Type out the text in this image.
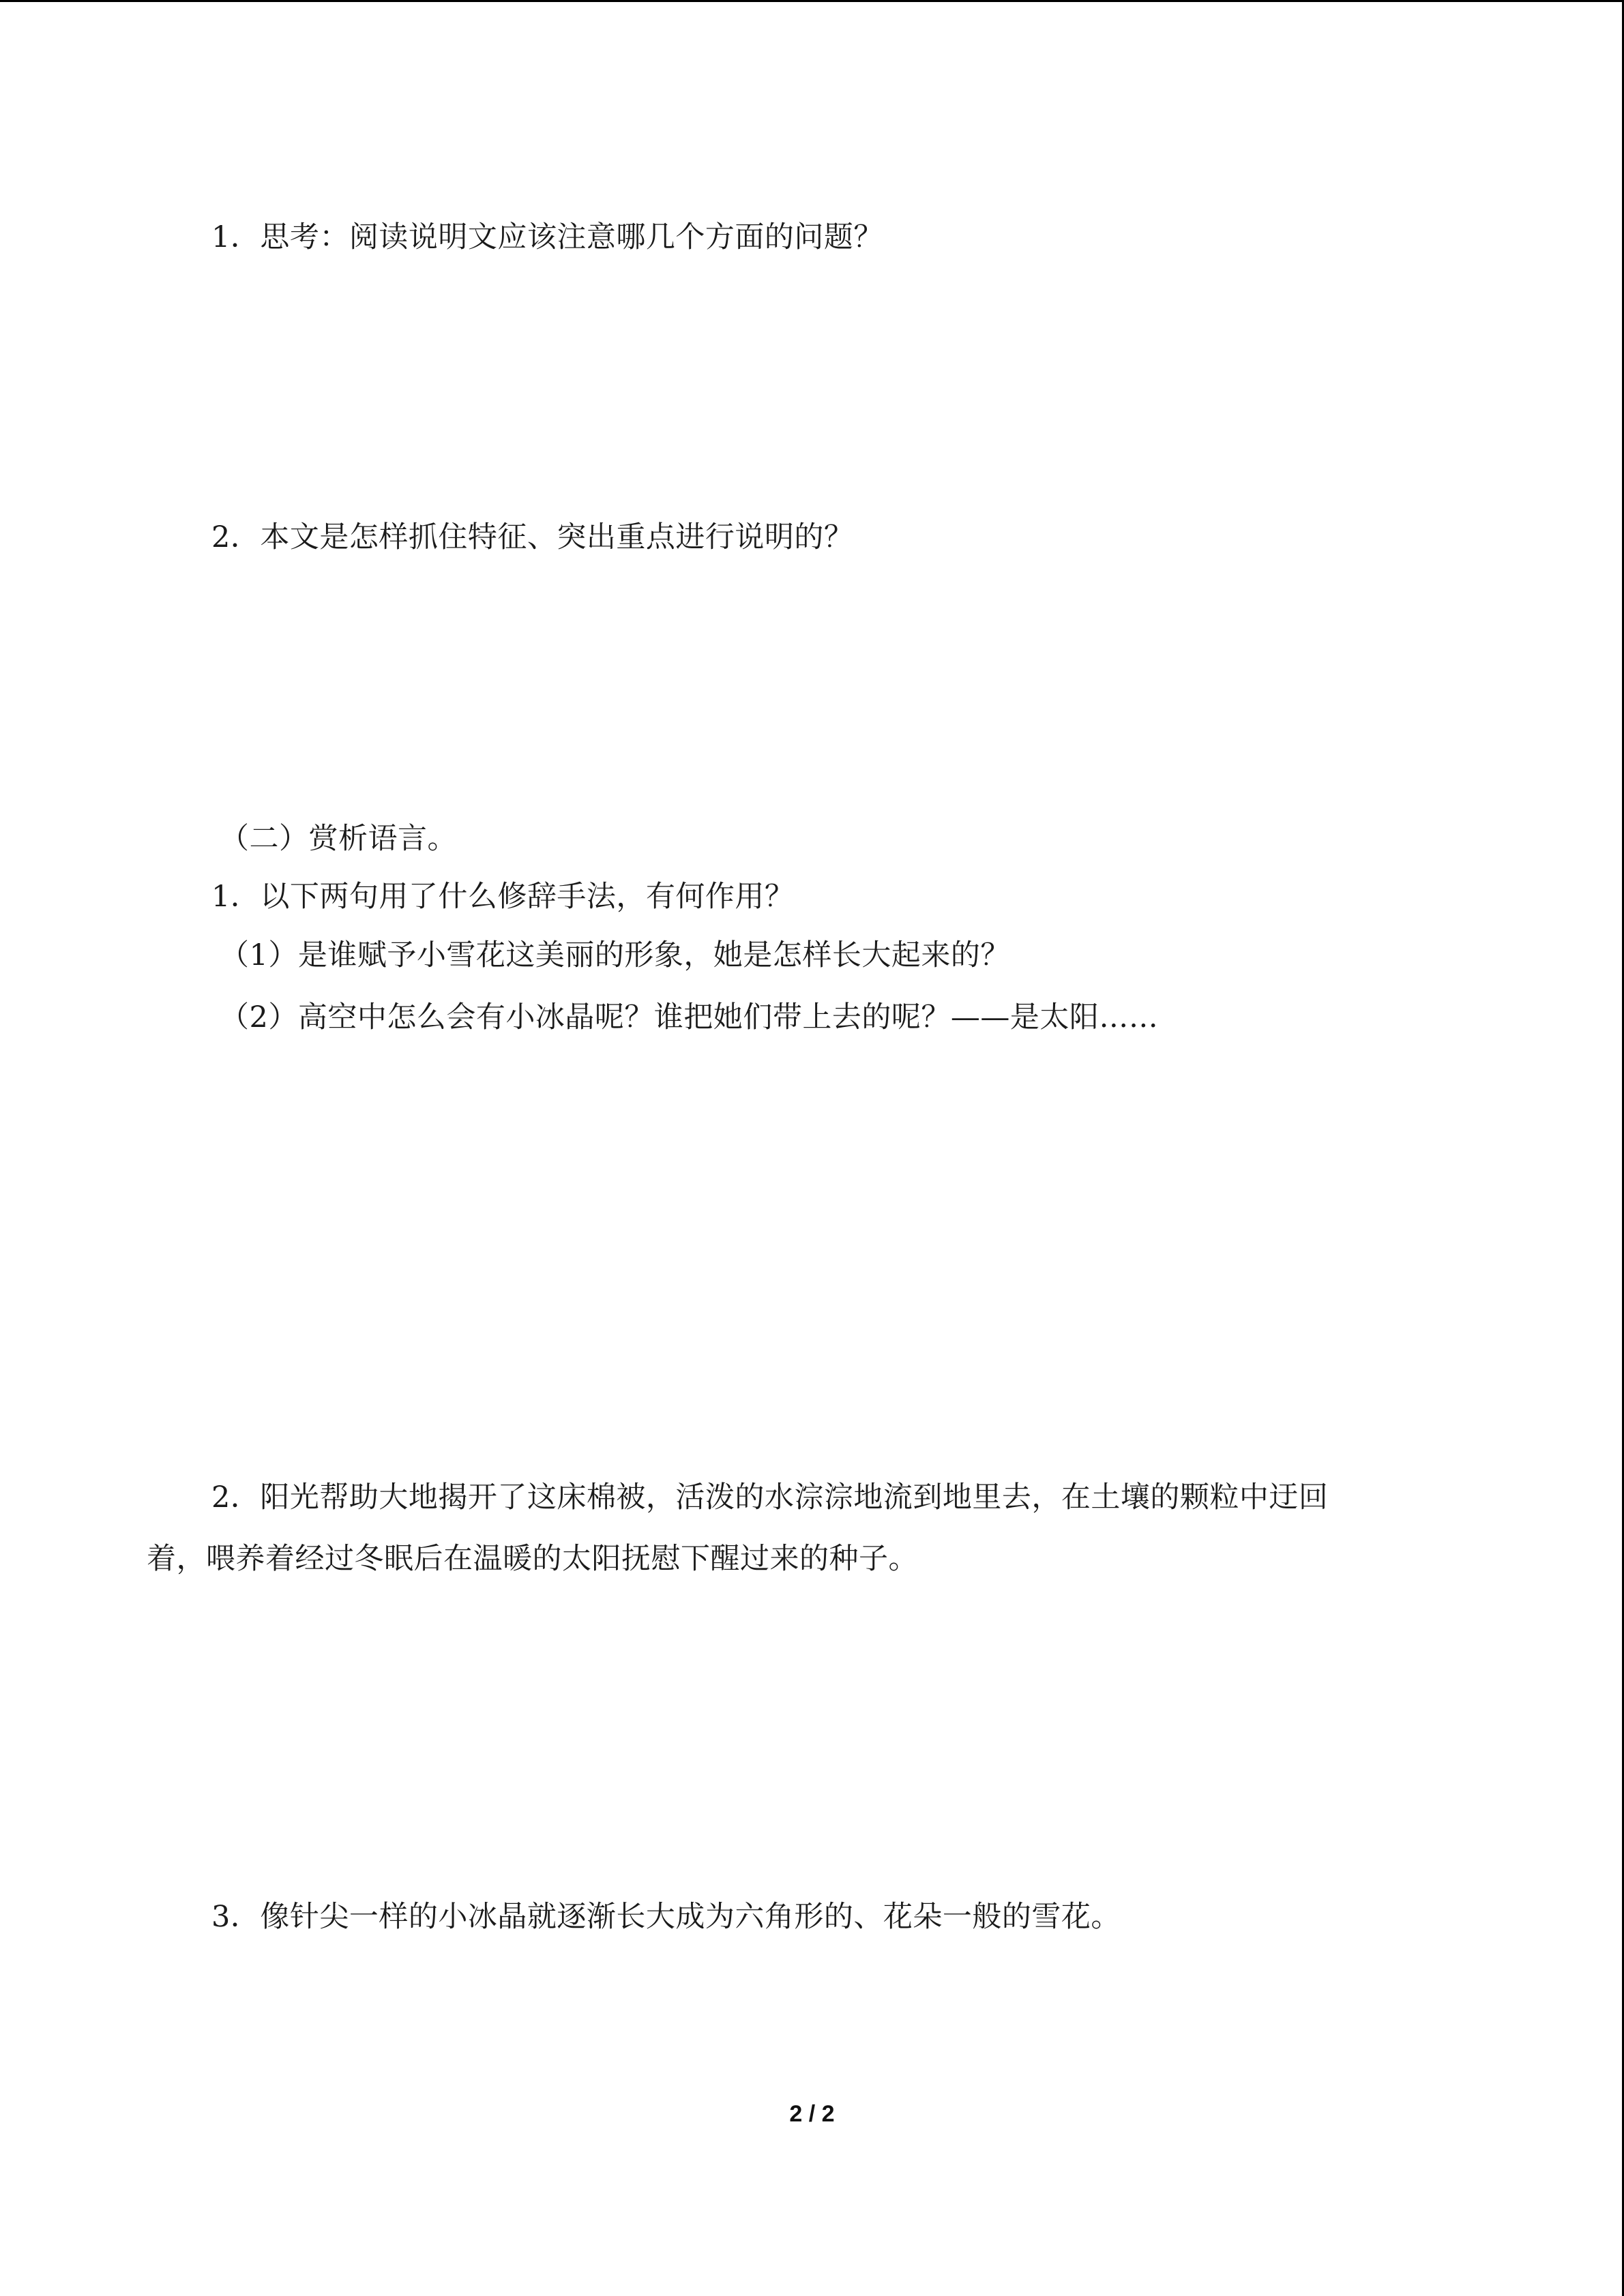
1．思考：阅读说明文应该注意哪几个方面的问题？
2．本文是怎样抓住特征、突出重点进行说明的？
（二）赏析语言。
1．以下两句用了什么修辞手法，有何作用？
（1）是谁赋予小雪花这美丽的形象，她是怎样长大起来的？
（2）高空中怎么会有小冰晶呢？谁把她们带上去的呢？——是太阳……
2．阳光帮助大地揭开了这床棉被，活泼的水淙淙地流到地里去，在土壤的颗粒中迂回
着，喂养着经过冬眠后在温暖的太阳抚慰下醒过来的种子。
3．像针尖一样的小冰晶就逐渐长大成为六角形的、花朵一般的雪花。
2 / 2
